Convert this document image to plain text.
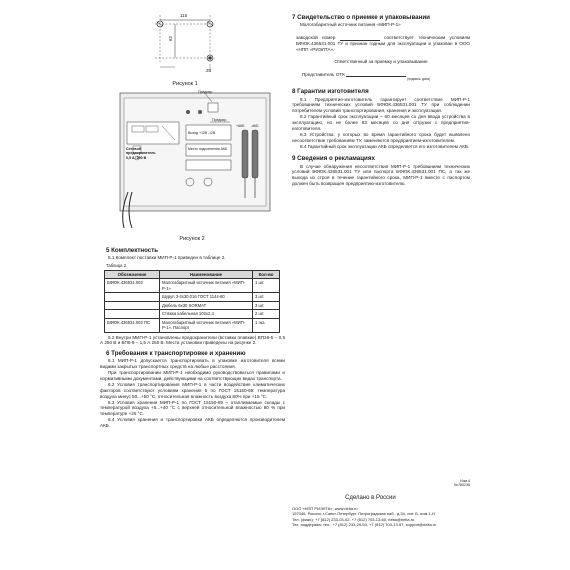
115
62
20
Рисунок 1
Предохр.
Предохр.
Сетевой предохранитель 0,5 А, 250 В
Выход +12В -12В
Место подключения АКБ
+АКБ -АКБ
Рисунок 2
5 Комплектность

5.1 Комплект поставки МИП-Р-1 приведен в таблице 2.

Таблица 2

Обозначение	Наименование	Кол-во
БФЮК.436531.002	Малогабаритный источник питания «МИП-Р-1»	1 шт.
	Шуруп 3-4х30.016 ГОСТ 1144-80	3 шт.
	Дюбель 6х30 SORMAT	3 шт.
	Стяжка кабельная 102х2,4	2 шт.
БФЮК.436531.002 ПС	Малогабаритный источник питания «МИП-Р-1». Паспорт	1 экз.

5.2 Внутри МИП-Р-1 установлены предохранители (вставки плавкие) ВП16-5 – 0,5 А 250 В и ВП6-9 – 1,5 А 250 В. Места установки приведены на рисунке 2.

6 Требования к транспортировке и хранению

6.1 МИП-Р-1 допускается транспортировать в упаковке изготовителя всеми видами закрытых транспортных средств на любые расстояния.

При транспортировании МИП-Р-1 необходимо руководствоваться правилами и нормативными документами, действующими на соответствующих видах транспорта.

6.2 Условия транспортирования МИП-Р-1 в части воздействия климатических факторов соответствуют условиям хранения 5 по ГОСТ 15150-69: температура воздуха минус 50...+50 °С, относительная влажность воздуха 80% при +15 °С.

6.3 Условия хранения МИП-Р-1 по ГОСТ 15150-69 – отапливаемые склады с температурой воздуха +5...+40 °С с верхней относительной влажностью 80 % при температуре +25 °С.

6.4 Условия хранения и транспортировки АКБ определяются производителем АКБ.

7 Свидетельство о приемке и упаковывании

Малогабаритный источник питания «МИП-Р-1»

заводской номер	соответствует техническим условиям БФЮК.436531.001 ТУ и признан годным для эксплуатации и упакован в ООО «НПП «РИЭЛТА».

Ответственный за приемку и упаковывание

Представитель ОТК

(подпись, дата)

8 Гарантии изготовителя

8.1 Предприятие-изготовитель гарантирует соответствие МИП-Р-1 требованиям технических условий БФЮК.436531.001 ТУ при соблюдении потребителем условий транспортирования, хранения и эксплуатации.

8.2 Гарантийный срок эксплуатации – 60 месяцев со дня ввода устройства в эксплуатацию, но не более 63 месяцев со дня отгрузки с предприятия-изготовителя.

8.3 Устройства, у которых во время гарантийного срока будет выявлено несоответствие требованиям ТУ, заменяются предприятием-изготовителем.

8.4 Гарантийный срок эксплуатации АКБ определяется его изготовителем АКБ.

9 Сведения о рекламациях

В случае обнаружения несоответствия МИП-Р-1 требованиям технических условий БФЮК.436531.001 ТУ или паспорта БФЮК.436531.001 ПС, а так же выхода из строя в течение гарантийного срока, МИП-Р-1 вместе с паспортом должен быть возвращен предприятию-изготовителю.

Изм.4
№780236
Сделано в России

ООО «НПП РИЭЛТА», www.rielta.ru

197046, Россия, г.Санкт-Петербург, Петроградская наб., д.34, лит. Б, пом.1-Н

Тел. (факс): +7 (812) 233-03-02, +7 (812) 703-13-60, rielta@rielta.ru

Тех. поддержка: тел.: +7 (812) 233-29-53, +7 (812) 703-13-57, support@rielta.ru
